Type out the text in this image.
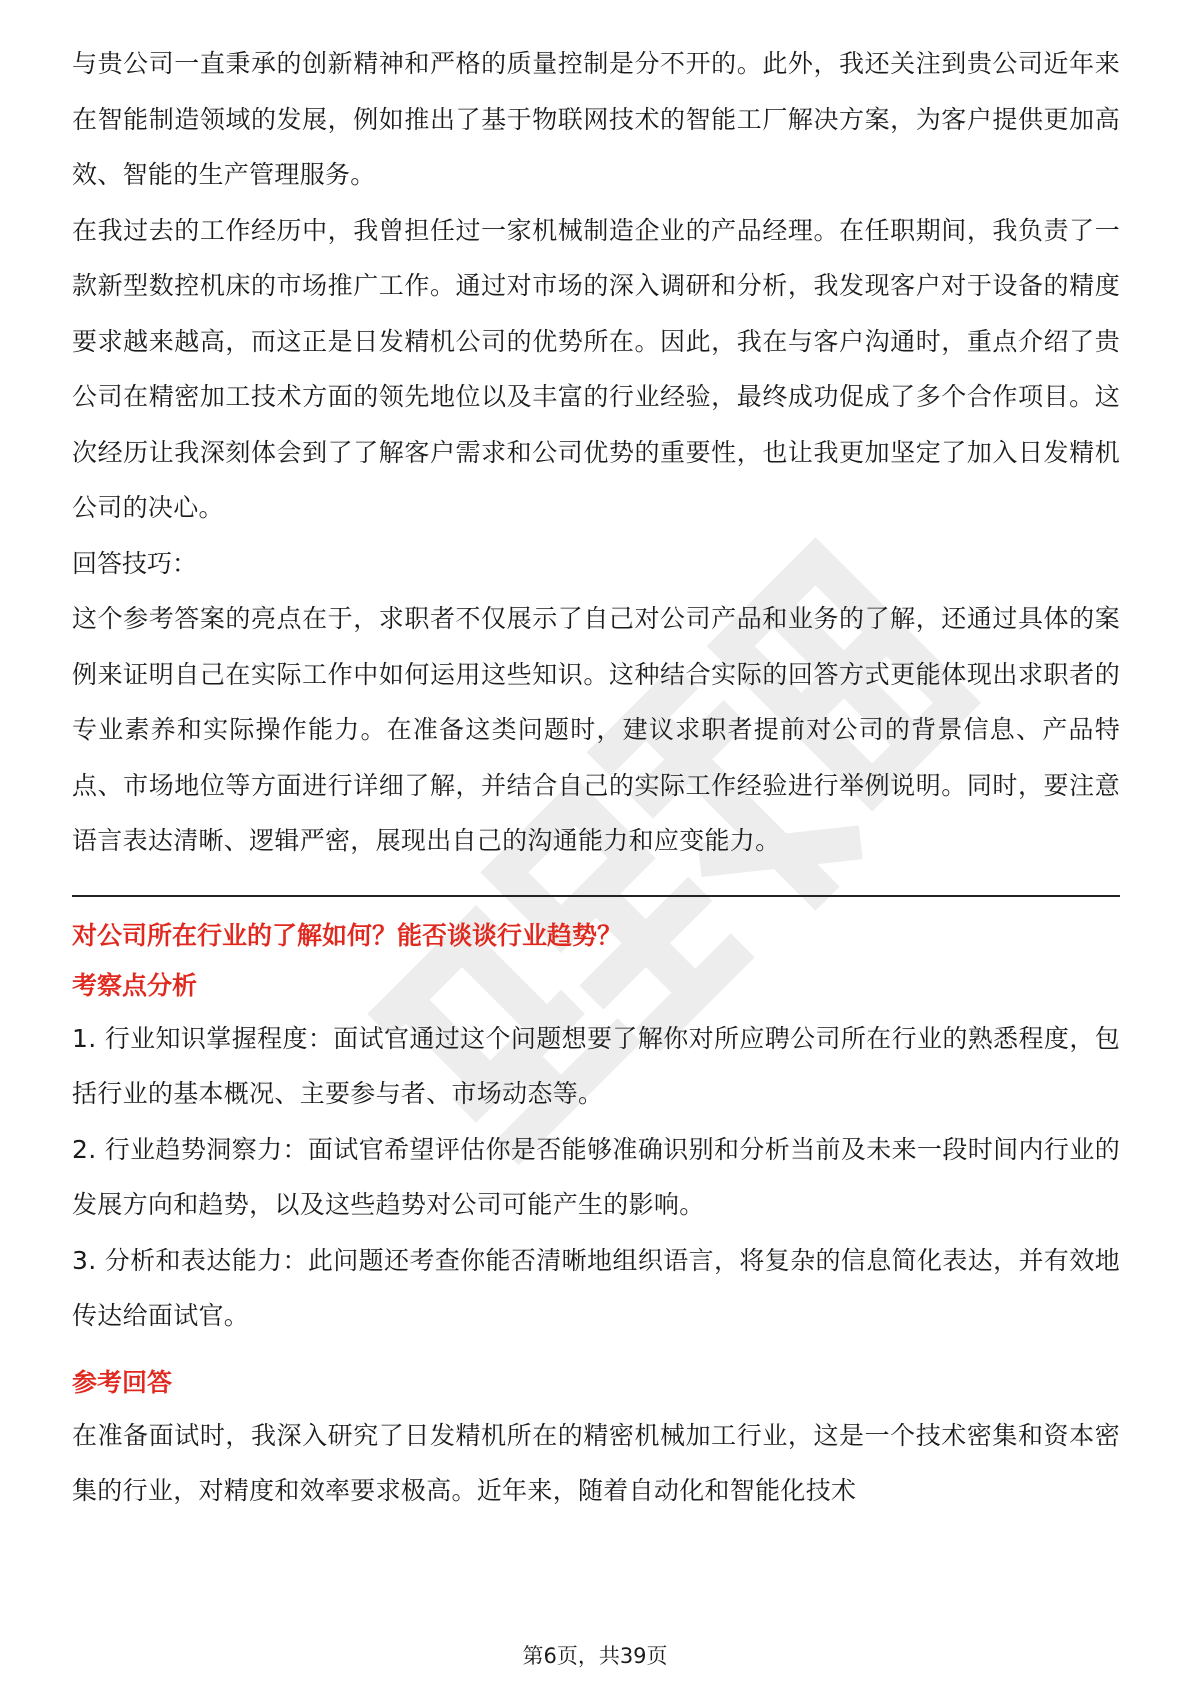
与贵公司一直秉承的创新精神和严格的质量控制是分不开的。此外，我还关注到贵公司近年来在智能制造领域的发展，例如推出了基于物联网技术的智能工厂解决方案，为客户提供更加高效、智能的生产管理服务。

在我过去的工作经历中，我曾担任过一家机械制造企业的产品经理。在任职期间，我负责了一款新型数控机床的市场推广工作。通过对市场的深入调研和分析，我发现客户对于设备的精度要求越来越高，而这正是日发精机公司的优势所在。因此，我在与客户沟通时，重点介绍了贵公司在精密加工技术方面的领先地位以及丰富的行业经验，最终成功促成了多个合作项目。这次经历让我深刻体会到了了解客户需求和公司优势的重要性，也让我更加坚定了加入日发精机公司的决心。

回答技巧：

这个参考答案的亮点在于，求职者不仅展示了自己对公司产品和业务的了解，还通过具体的案例来证明自己在实际工作中如何运用这些知识。这种结合实际的回答方式更能体现出求职者的专业素养和实际操作能力。在准备这类问题时，建议求职者提前对公司的背景信息、产品特点、市场地位等方面进行详细了解，并结合自己的实际工作经验进行举例说明。同时，要注意语言表达清晰、逻辑严密，展现出自己的沟通能力和应变能力。

对公司所在行业的了解如何？能否谈谈行业趋势？

考察点分析

1. 行业知识掌握程度：面试官通过这个问题想要了解你对所应聘公司所在行业的熟悉程度，包括行业的基本概况、主要参与者、市场动态等。

2. 行业趋势洞察力：面试官希望评估你是否能够准确识别和分析当前及未来一段时间内行业的发展方向和趋势，以及这些趋势对公司可能产生的影响。

3. 分析和表达能力：此问题还考查你能否清晰地组织语言，将复杂的信息简化表达，并有效地传达给面试官。

参考回答

在准备面试时，我深入研究了日发精机所在的精密机械加工行业，这是一个技术密集和资本密集的行业，对精度和效率要求极高。近年来，随着自动化和智能化技术

第6页，共39页
